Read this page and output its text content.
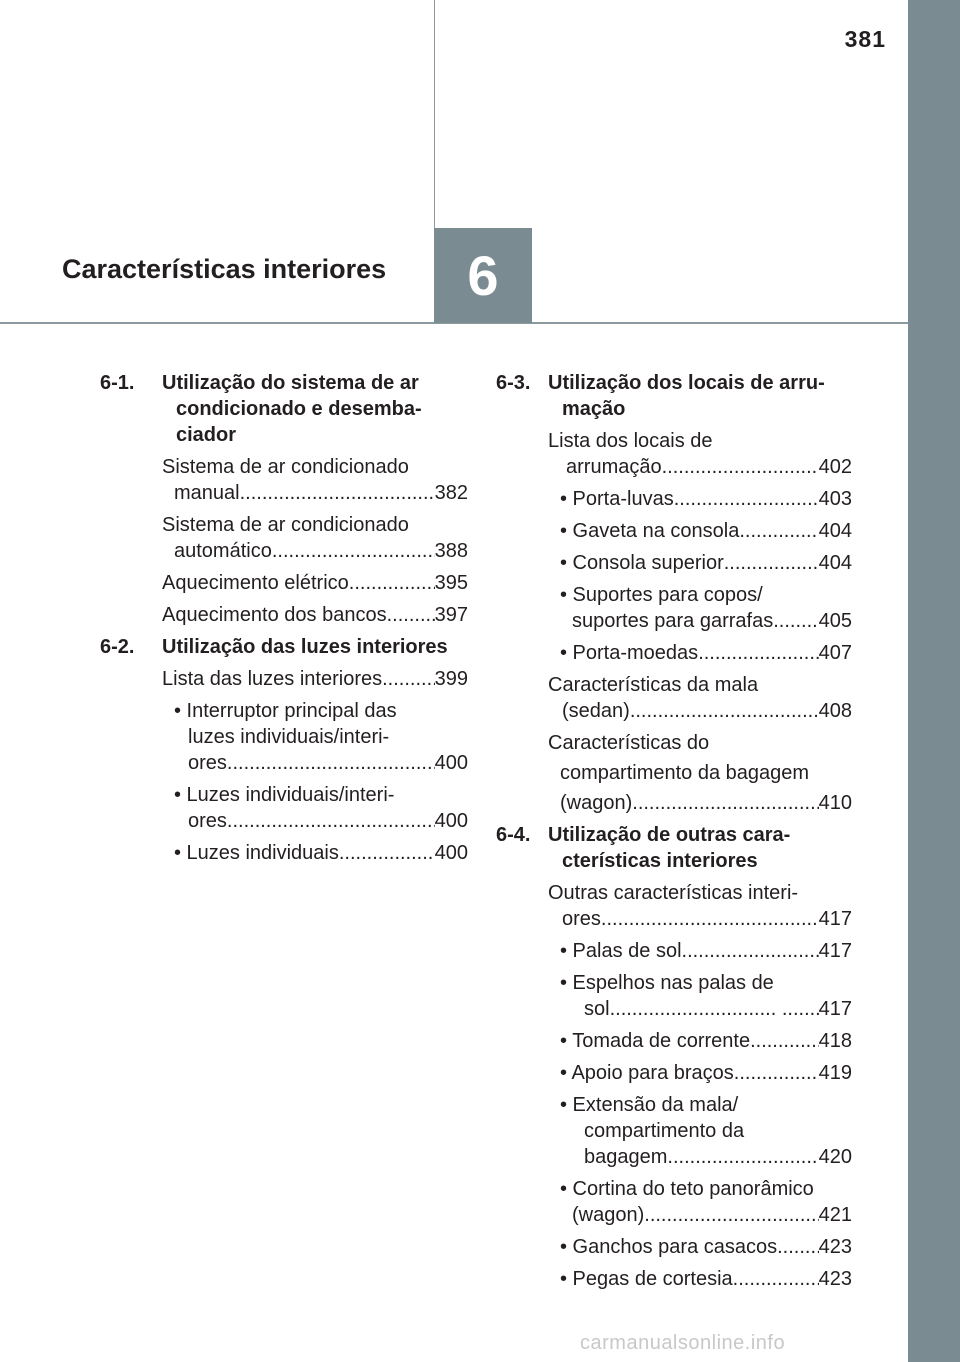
381
Características interiores 6
6-1.	Utilização do sistema de ar
condicionado e desemba-
ciador
Sistema de ar condicionado
manual ............................. .....	382
Sistema de ar condicionado
automático ....................... .....	388
Aquecimento elétrico ......... .....	395
Aquecimento dos bancos .. .....	397
6-2.	Utilização das luzes interiores
Lista das luzes interiores ... .....	399
• Interruptor principal das
luzes individuais/interi-
ores ................................ .....	400
• Luzes individuais/interi-
ores ................................ .....	400
• Luzes individuais ........... .....	400
6-3. Utilização dos locais de arru-
mação
Lista dos locais de
arrumação ....................... .....	402
• Porta-luvas .................... .....	403
• Gaveta na consola ......... .....	404
• Consola superior ........... .....	404
• Suportes para copos/
suportes para garrafas ... .....	405
• Porta-moedas ................ .....	407
Características da mala
(sedan) ............................ .....	408
Características do
compartimento da bagagem
(wagon) ............................ .....	410
6-4. Utilização de outras cara-
cterísticas interiores
Outras características interi-
ores .................................. .....	417
• Palas de sol ................... .....	417
• Espelhos nas palas de
sol .............................. .. .....	417
• Tomada de corrente ...... .....	418
• Apoio para braços ......... .....	419
• Extensão da mala/
compartimento da
bagagem ...................... .....	420
• Cortina do teto panorâmico
(wagon) .......................... .....	421
• Ganchos para casacos .. .....	423
• Pegas de cortesia .......... .....	423
carmanualsonline.info
